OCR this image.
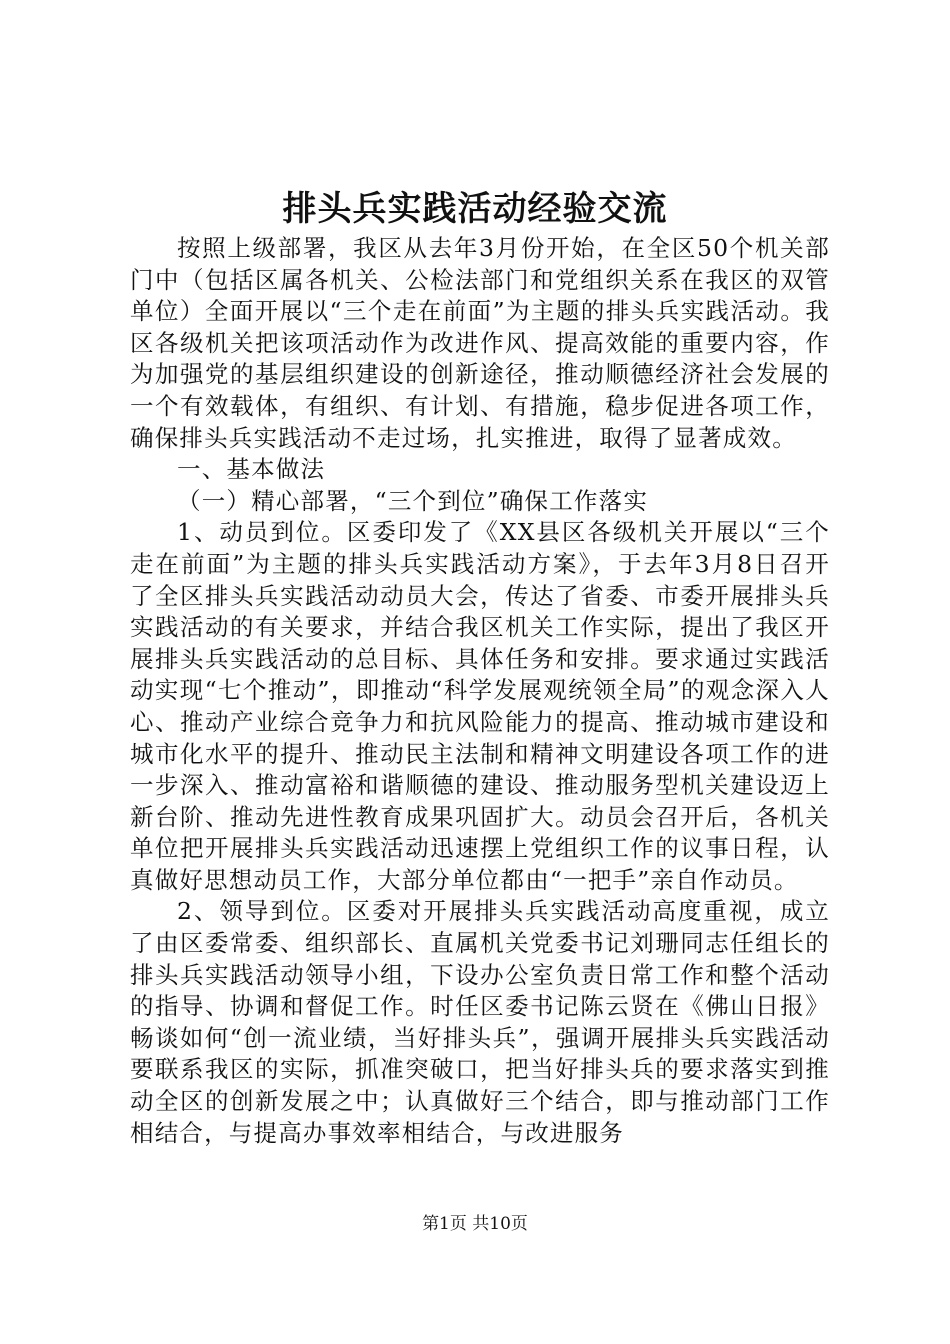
排头兵实践活动经验交流

按照上级部署，我区从去年3月份开始，在全区50个机关部门中（包括区属各机关、公检法部门和党组织关系在我区的双管单位）全面开展以“三个走在前面”为主题的排头兵实践活动。我区各级机关把该项活动作为改进作风、提高效能的重要内容，作为加强党的基层组织建设的创新途径，推动顺德经济社会发展的一个有效载体，有组织、有计划、有措施，稳步促进各项工作，确保排头兵实践活动不走过场，扎实推进，取得了显著成效。

一、基本做法

（一）精心部署，“三个到位”确保工作落实

1、动员到位。区委印发了《XX县区各级机关开展以“三个走在前面”为主题的排头兵实践活动方案》，于去年3月8日召开了全区排头兵实践活动动员大会，传达了省委、市委开展排头兵实践活动的有关要求，并结合我区机关工作实际，提出了我区开展排头兵实践活动的总目标、具体任务和安排。要求通过实践活动实现“七个推动”，即推动“科学发展观统领全局”的观念深入人心、推动产业综合竞争力和抗风险能力的提高、推动城市建设和城市化水平的提升、推动民主法制和精神文明建设各项工作的进一步深入、推动富裕和谐顺德的建设、推动服务型机关建设迈上新台阶、推动先进性教育成果巩固扩大。动员会召开后，各机关单位把开展排头兵实践活动迅速摆上党组织工作的议事日程，认真做好思想动员工作，大部分单位都由“一把手”亲自作动员。

2、领导到位。区委对开展排头兵实践活动高度重视，成立了由区委常委、组织部长、直属机关党委书记刘珊同志任组长的排头兵实践活动领导小组，下设办公室负责日常工作和整个活动的指导、协调和督促工作。时任区委书记陈云贤在《佛山日报》畅谈如何“创一流业绩，当好排头兵”，强调开展排头兵实践活动要联系我区的实际，抓准突破口，把当好排头兵的要求落实到推动全区的创新发展之中；认真做好三个结合，即与推动部门工作相结合，与提高办事效率相结合，与改进服务

第1页 共10页
